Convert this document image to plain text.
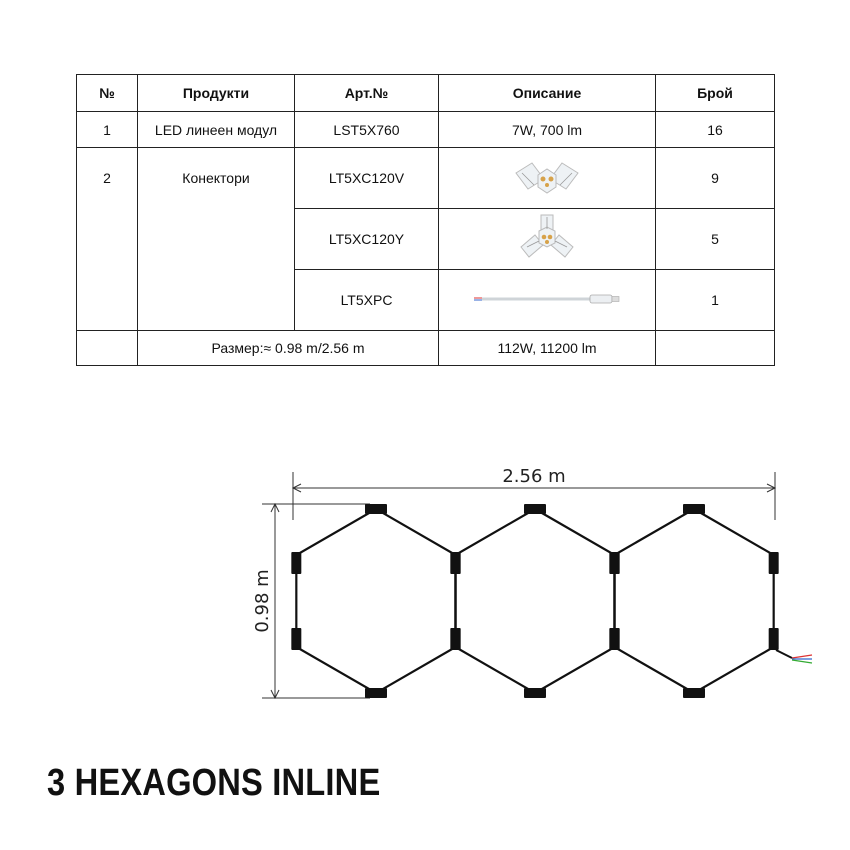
№	Продукти	Арт.№	Описание	Брой
1	LED линеен модул	LST5X760	7W, 700 lm	16
2	Конектори	LT5XC120V		9
		LT5XC120Y		5
		LT5XPC		1
	Размер:≈ 0.98 m/2.56 m		112W, 11200 lm	
2.56 m
0.98 m
3 HEXAGONS INLINE
